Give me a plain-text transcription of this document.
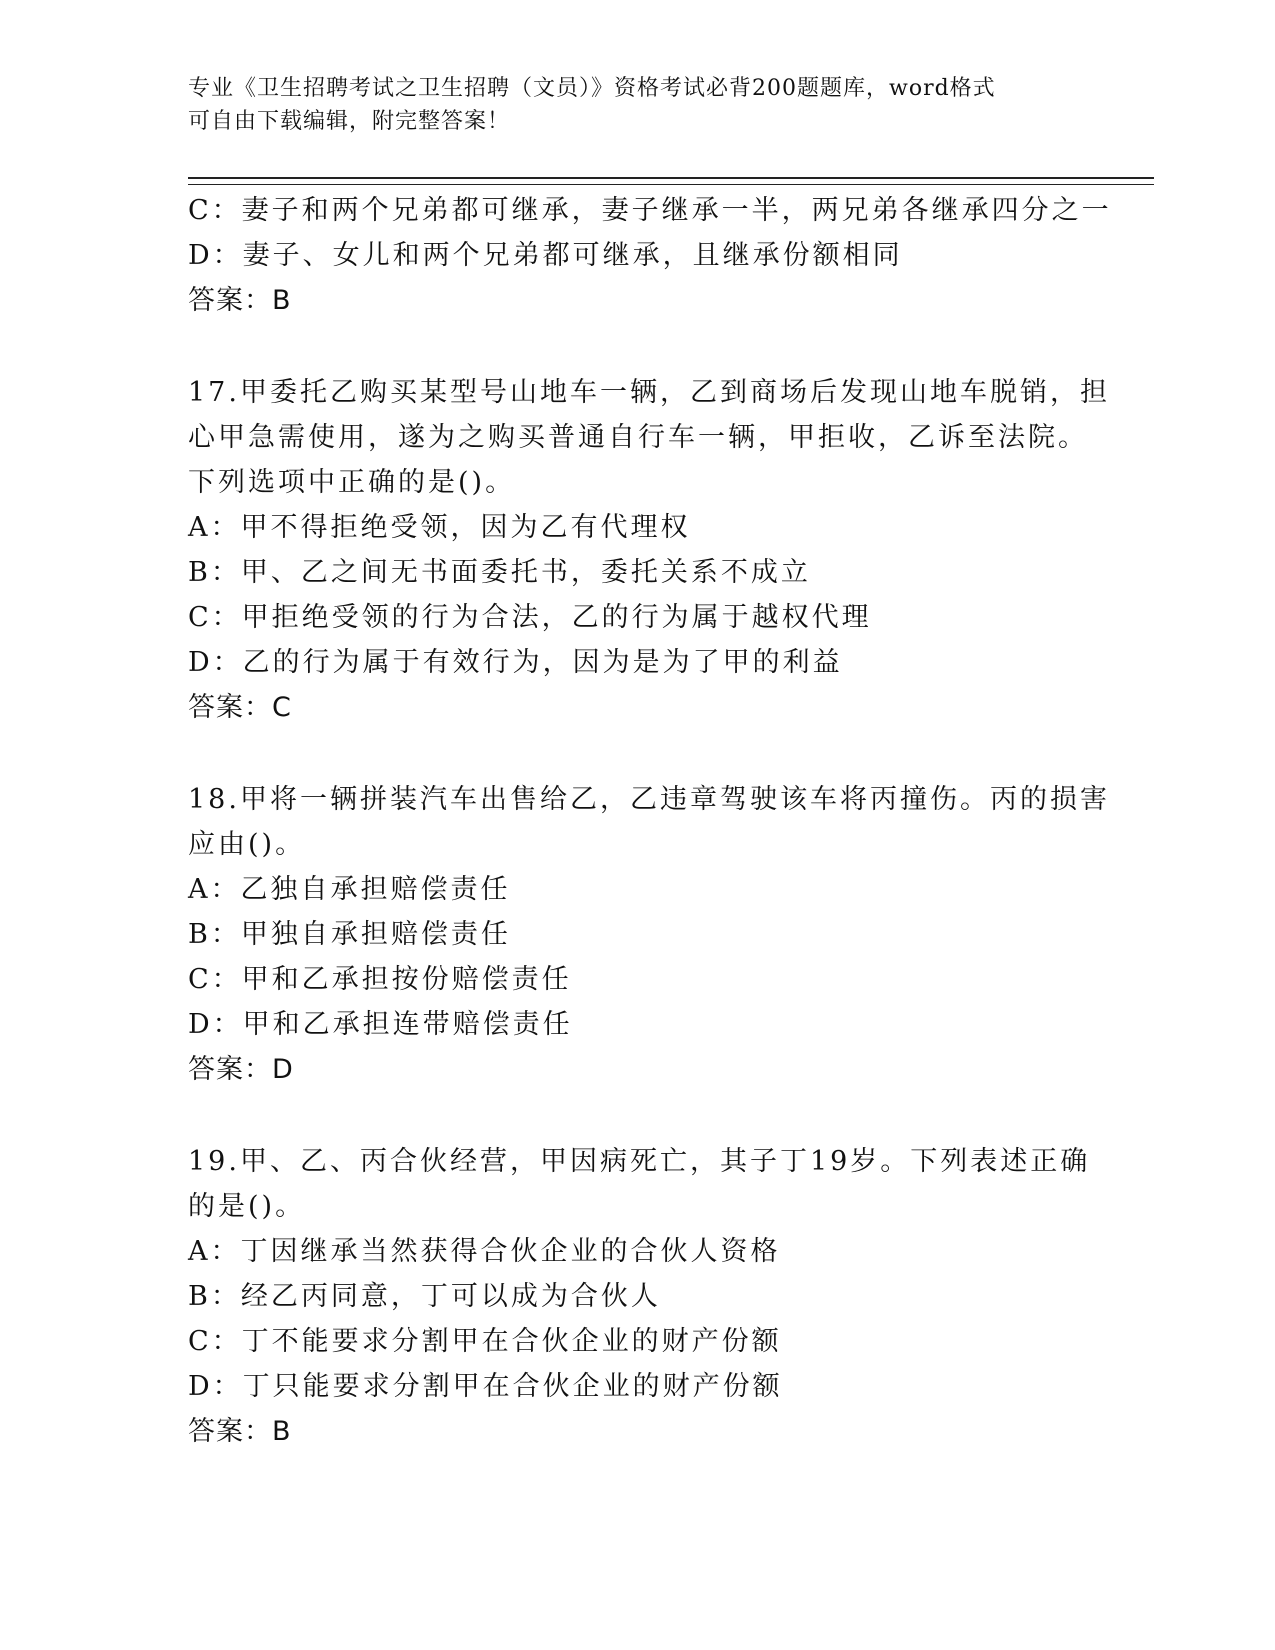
专业《卫生招聘考试之卫生招聘（文员）》资格考试必背200题题库，word格式
可自由下载编辑，附完整答案！
C：妻子和两个兄弟都可继承，妻子继承一半，两兄弟各继承四分之一
D：妻子、女儿和两个兄弟都可继承，且继承份额相同
答案：B
17.甲委托乙购买某型号山地车一辆，乙到商场后发现山地车脱销，担
心甲急需使用，遂为之购买普通自行车一辆，甲拒收，乙诉至法院。
下列选项中正确的是()。
A：甲不得拒绝受领，因为乙有代理权
B：甲、乙之间无书面委托书，委托关系不成立
C：甲拒绝受领的行为合法，乙的行为属于越权代理
D：乙的行为属于有效行为，因为是为了甲的利益
答案：C
18.甲将一辆拼装汽车出售给乙，乙违章驾驶该车将丙撞伤。丙的损害
应由()。
A：乙独自承担赔偿责任
B：甲独自承担赔偿责任
C：甲和乙承担按份赔偿责任
D：甲和乙承担连带赔偿责任
答案：D
19.甲、乙、丙合伙经营，甲因病死亡，其子丁19岁。下列表述正确
的是()。
A：丁因继承当然获得合伙企业的合伙人资格
B：经乙丙同意，丁可以成为合伙人
C：丁不能要求分割甲在合伙企业的财产份额
D：丁只能要求分割甲在合伙企业的财产份额
答案：B
